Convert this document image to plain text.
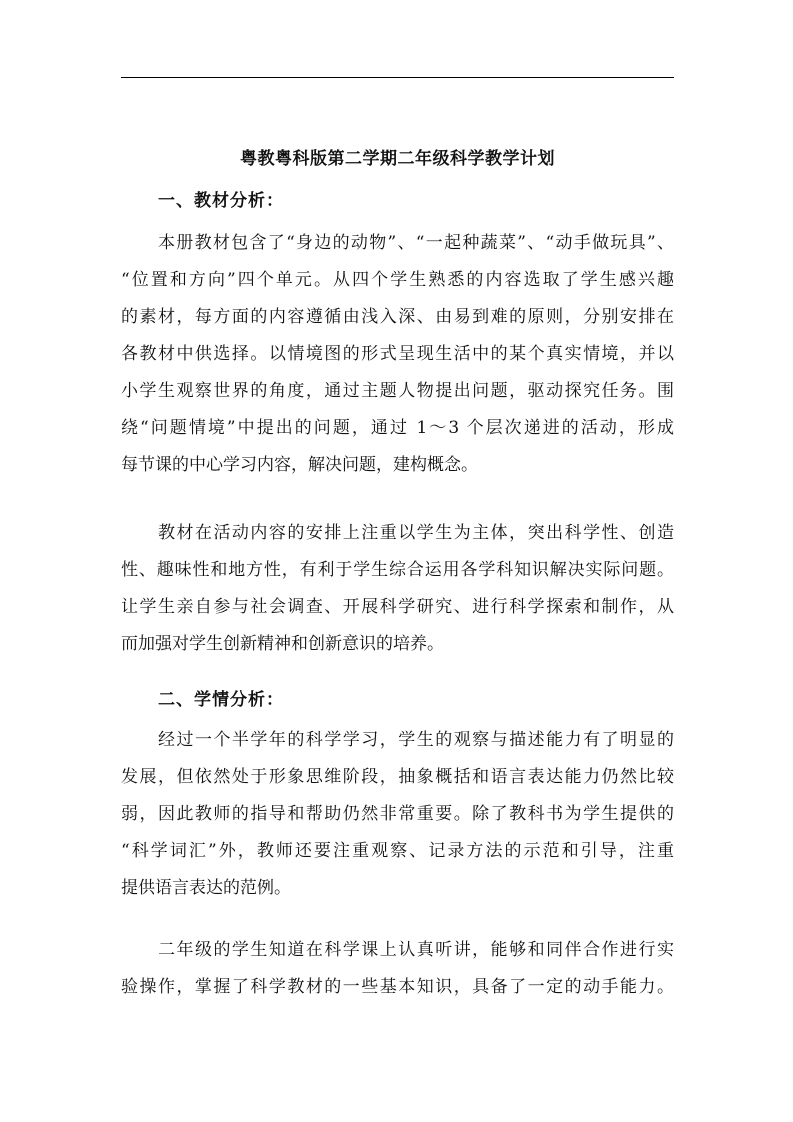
粤教粤科版第二学期二年级科学教学计划
一、教材分析：
本册教材包含了“身边的动物”、“一起种蔬菜”、“动手做玩具”、
“位置和方向”四个单元。从四个学生熟悉的内容选取了学生感兴趣
的素材，每方面的内容遵循由浅入深、由易到难的原则，分别安排在
各教材中供选择。以情境图的形式呈现生活中的某个真实情境，并以
小学生观察世界的角度，通过主题人物提出问题，驱动探究任务。围
绕“问题情境”中提出的问题，通过 1～3 个层次递进的活动，形成
每节课的中心学习内容，解决问题，建构概念。
教材在活动内容的安排上注重以学生为主体，突出科学性、创造
性、趣味性和地方性，有利于学生综合运用各学科知识解决实际问题。
让学生亲自参与社会调查、开展科学研究、进行科学探索和制作，从
而加强对学生创新精神和创新意识的培养。
二、学情分析：
经过一个半学年的科学学习，学生的观察与描述能力有了明显的
发展，但依然处于形象思维阶段，抽象概括和语言表达能力仍然比较
弱，因此教师的指导和帮助仍然非常重要。除了教科书为学生提供的
“科学词汇”外，教师还要注重观察、记录方法的示范和引导，注重
提供语言表达的范例。
二年级的学生知道在科学课上认真听讲，能够和同伴合作进行实
验操作，掌握了科学教材的一些基本知识，具备了一定的动手能力。
